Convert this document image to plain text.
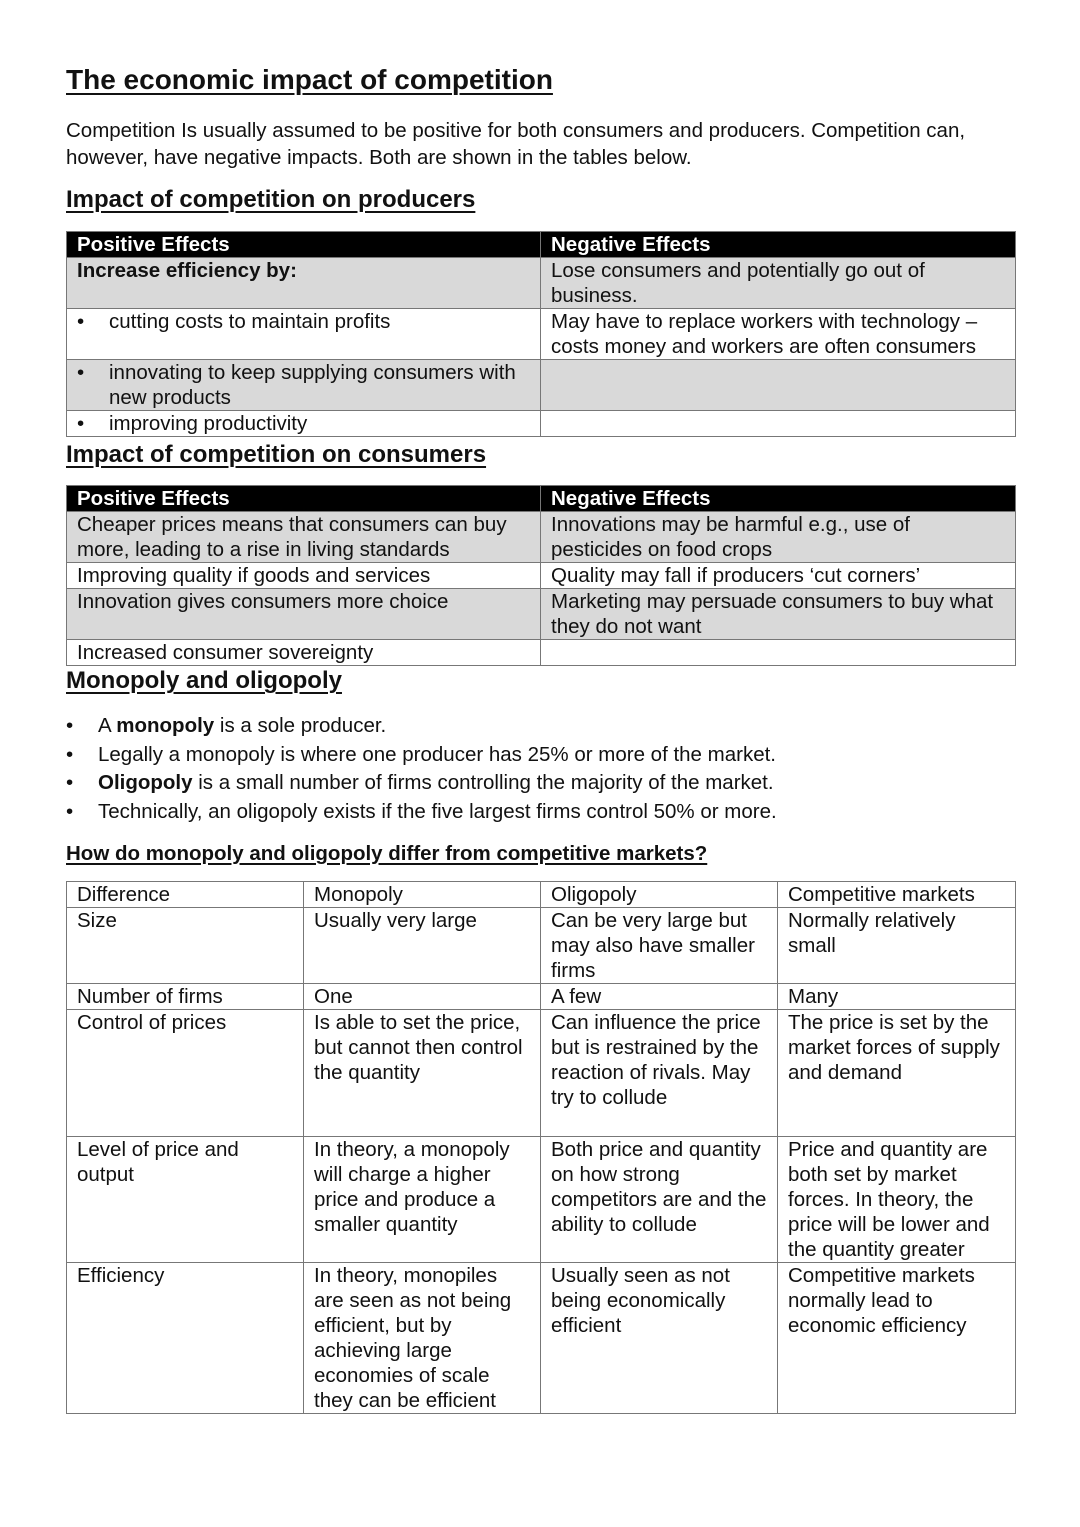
The economic impact of competition

Competition Is usually assumed to be positive for both consumers and producers. Competition can, however, have negative impacts. Both are shown in the tables below.

Impact of competition on producers
Positive Effects	Negative Effects
Increase efficiency by:	Lose consumers and potentially go out of business.

• cutting costs to maintain profits	May have to replace workers with technology – costs money and workers are often consumers

• innovating to keep supplying consumers with new products	

• improving productivity	

Impact of competition on consumers
Positive Effects	Negative Effects
Cheaper prices means that consumers can buy more, leading to a rise in living standards	Innovations may be harmful e.g., use of pesticides on food crops
Improving quality if goods and services	Quality may fall if producers ‘cut corners’
Innovation gives consumers more choice	Marketing may persuade consumers to buy what they do not want
Increased consumer sovereignty	
Monopoly and oligopoly
•	A monopoly is a sole producer.
•	Legally a monopoly is where one producer has 25% or more of the market.
•	Oligopoly is a small number of firms controlling the majority of the market.
•	Technically, an oligopoly exists if the five largest firms control 50% or more.
How do monopoly and oligopoly differ from competitive markets?
Difference	Monopoly	Oligopoly	Competitive markets
Size	Usually very large	Can be very large but may also have smaller firms	Normally relatively small
Number of firms	One	A few	Many
Control of prices	Is able to set the price, but cannot then control the quantity	Can influence the price but is restrained by the reaction of rivals. May try to collude	The price is set by the market forces of supply and demand
Level of price and output	In theory, a monopoly will charge a higher price and produce a smaller quantity	Both price and quantity on how strong competitors are and the ability to collude	Price and quantity are both set by market forces. In theory, the price will be lower and the quantity greater
Efficiency	In theory, monopiles are seen as not being efficient, but by achieving large economies of scale they can be efficient	Usually seen as not being economically efficient	Competitive markets normally lead to economic efficiency
